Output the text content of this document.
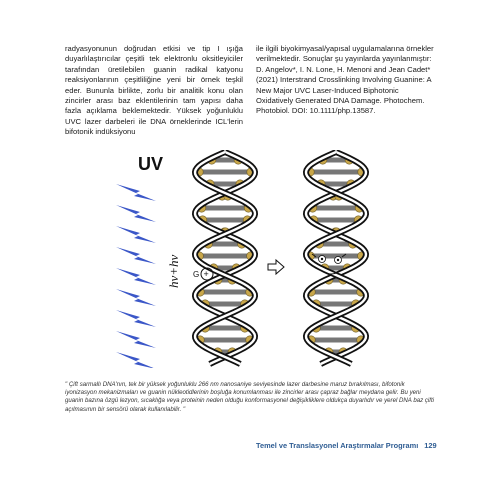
radyasyonunun doğrudan etkisi ve tip I ışığa duyarlılaştırıcılar çeşitli tek elektronlu oksitleyiciler tarafından üretilebilen guanin radikal katyonu reaksiyonlarının çeşitliliğine yeni bir örnek teşkil eder. Bununla birlikte, zorlu bir analitik konu olan zincirler arası baz eklentilerinin tam yapısı daha fazla açıklama beklemektedir. Yüksek yoğunluklu UVC lazer darbeleri ile DNA örneklerinde ICL'lerin bifotonik indüksiyonu
ile ilgili biyokimyasal/yapısal uygulamalarına örnekler verilmektedir. Sonuçlar şu yayınlarda yayınlanmıştır: D. Angelov*, I. N. Lone, H. Menoni and Jean Cadet* (2021) Interstrand Crosslinking Involving Guanine: A New Major UVC Laser-Induced Biphotonic Oxidatively Generated DNA Damage. Photochem. Photobiol. DOI: 10.1111/php.13587.
UV
hν+hν G +
" Çift sarmallı DNA'nın, tek bir yüksek yoğunluklu 266 nm nanosaniye seviyesinde lazer darbesine maruz bırakılması, bifotonik iyonizasyon mekanizmaları ve guanin nükleotidlerinin boşluğa konumlanması ile zincirler arası çapraz bağlar meydana gelir. Bu yeni guanin bazına özgü lezyon, sıcaklığa veya proteinin neden olduğu konformasyonel değişikliklere oldukça duyarlıdır ve yerel DNA baz çifti açılmasının bir sensörü olarak kullanılabilir. "
Temel ve Translasyonel Araştırmalar Programı 129
